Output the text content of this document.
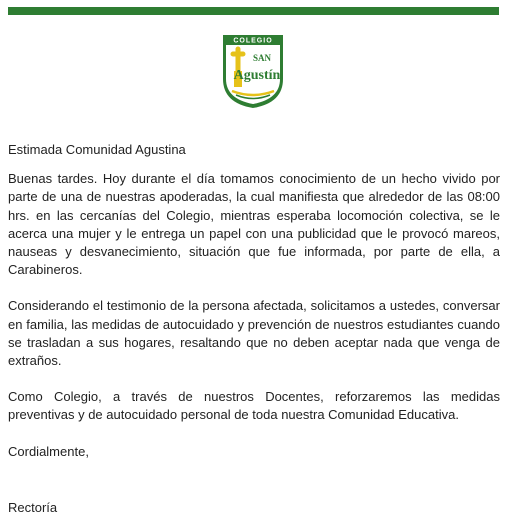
COLEGIO
SAN
Agustín

Estimada Comunidad Agustina

Buenas tardes. Hoy durante el día tomamos conocimiento de un hecho vivido por parte de una de nuestras apoderadas, la cual manifiesta que alrededor de las 08:00 hrs. en las cercanías del Colegio, mientras esperaba locomoción colectiva, se le acerca una mujer y le entrega un papel con una publicidad que le provocó mareos, nauseas y desvanecimiento, situación que fue informada, por parte de ella, a Carabineros.

Considerando el testimonio de la persona afectada, solicitamos a ustedes, conversar en familia, las medidas de autocuidado y prevención de nuestros estudiantes cuando se trasladan a sus hogares, resaltando que no deben aceptar nada que venga de extraños.

Como Colegio, a través de nuestros Docentes, reforzaremos las medidas preventivas y de autocuidado personal de toda nuestra Comunidad Educativa.

Cordialmente,

Rectoría
